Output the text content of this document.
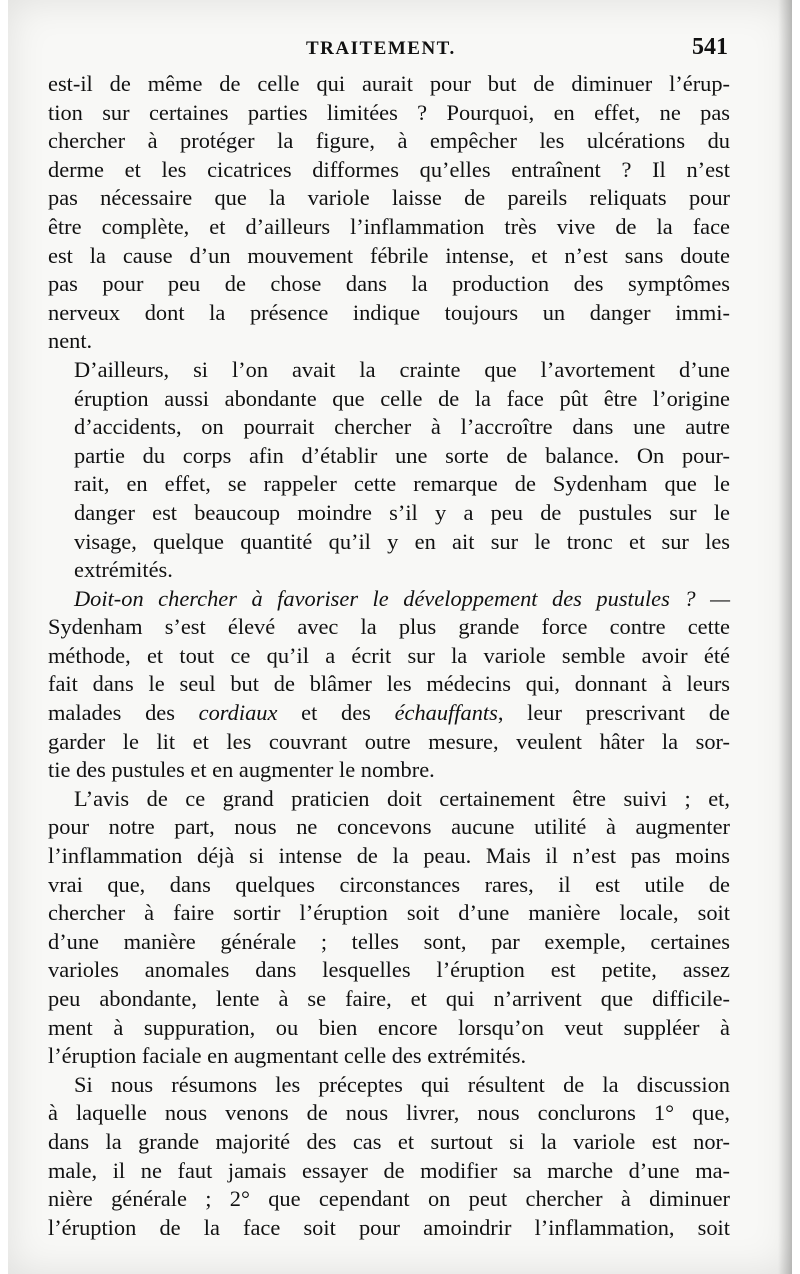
TRAITEMENT.	541

est-il de même de celle qui aurait pour but de diminuer l’érup-
tion sur certaines parties limitées ? Pourquoi, en effet, ne pas
chercher à protéger la figure, à empêcher les ulcérations du
derme et les cicatrices difformes qu’elles entraînent ? Il n’est
pas nécessaire que la variole laisse de pareils reliquats pour
être complète, et d’ailleurs l’inflammation très vive de la face
est la cause d’un mouvement fébrile intense, et n’est sans doute
pas pour peu de chose dans la production des symptômes
nerveux dont la présence indique toujours un danger immi-
nent.

D’ailleurs, si l’on avait la crainte que l’avortement d’une
éruption aussi abondante que celle de la face pût être l’origine
d’accidents, on pourrait chercher à l’accroître dans une autre
partie du corps afin d’établir une sorte de balance. On pour-
rait, en effet, se rappeler cette remarque de Sydenham que le
danger est beaucoup moindre s’il y a peu de pustules sur le
visage, quelque quantité qu’il y en ait sur le tronc et sur les
extrémités.

Doit-on chercher à favoriser le développement des pustules ? —
Sydenham s’est élevé avec la plus grande force contre cette
méthode, et tout ce qu’il a écrit sur la variole semble avoir été
fait dans le seul but de blâmer les médecins qui, donnant à leurs
malades des cordiaux et des échauffants, leur prescrivant de
garder le lit et les couvrant outre mesure, veulent hâter la sor-
tie des pustules et en augmenter le nombre.

L’avis de ce grand praticien doit certainement être suivi ; et,
pour notre part, nous ne concevons aucune utilité à augmenter
l’inflammation déjà si intense de la peau. Mais il n’est pas moins
vrai que, dans quelques circonstances rares, il est utile de
chercher à faire sortir l’éruption soit d’une manière locale, soit
d’une manière générale ; telles sont, par exemple, certaines
varioles anomales dans lesquelles l’éruption est petite, assez
peu abondante, lente à se faire, et qui n’arrivent que difficile-
ment à suppuration, ou bien encore lorsqu’on veut suppléer à
l’éruption faciale en augmentant celle des extrémités.

Si nous résumons les préceptes qui résultent de la discussion
à laquelle nous venons de nous livrer, nous conclurons 1° que,
dans la grande majorité des cas et surtout si la variole est nor-
male, il ne faut jamais essayer de modifier sa marche d’une ma-
nière générale ; 2° que cependant on peut chercher à diminuer
l’éruption de la face soit pour amoindrir l’inflammation, soit
